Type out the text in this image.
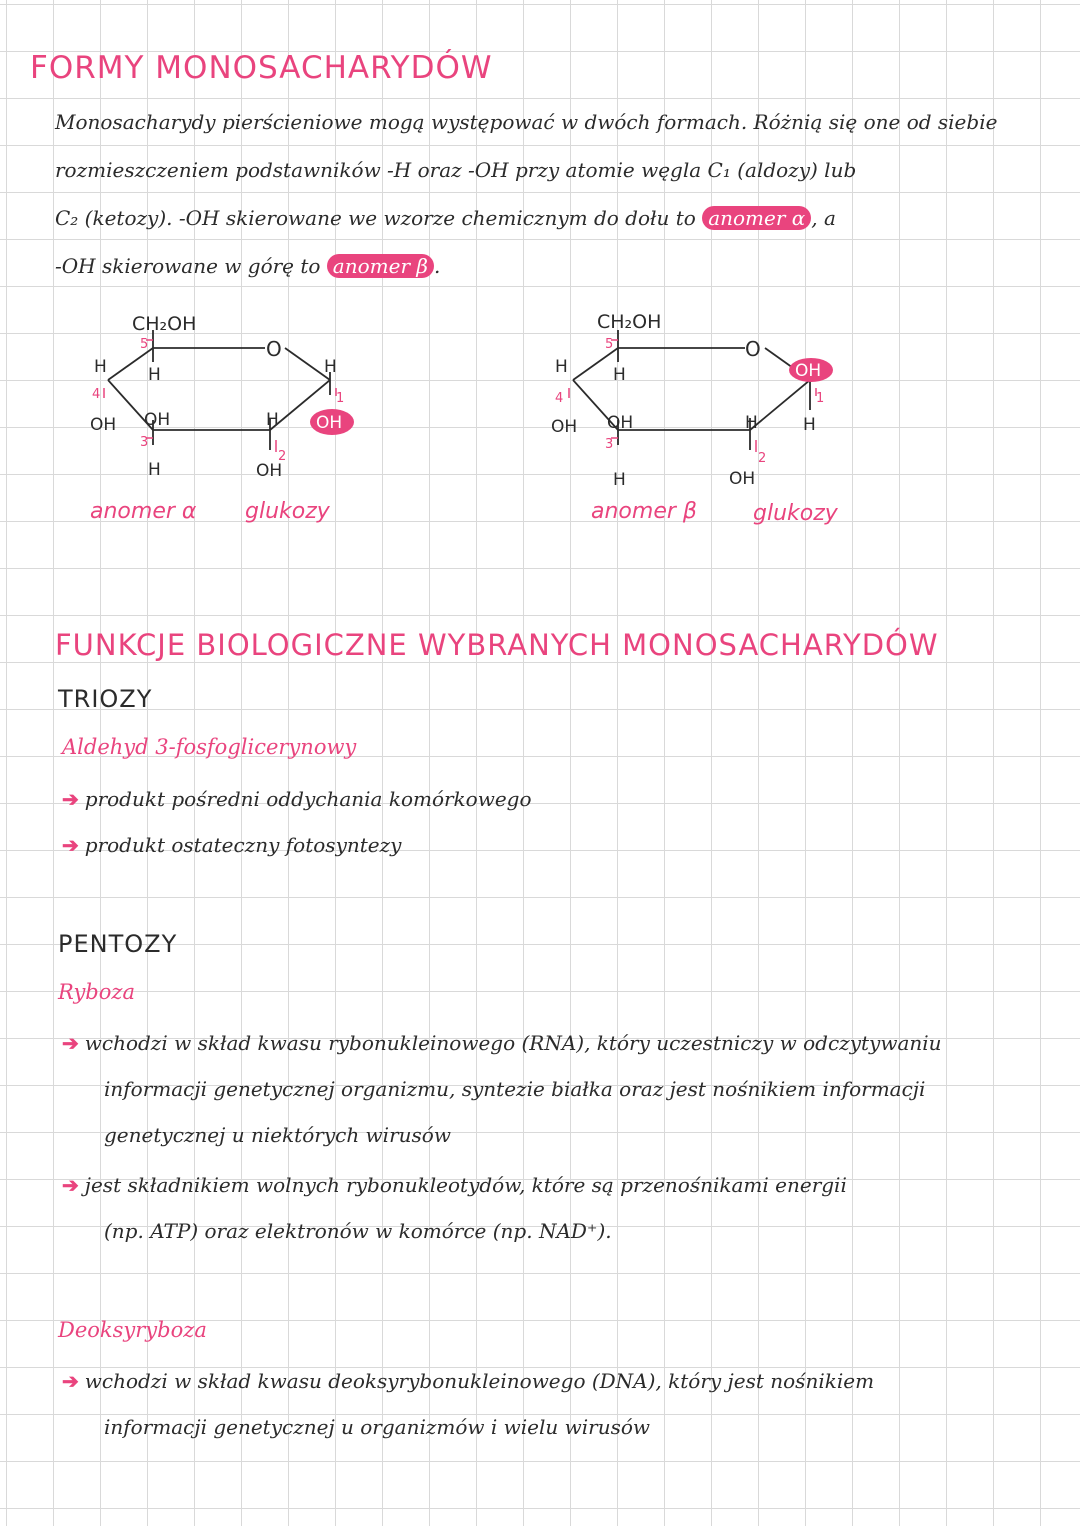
FORMY MONOSACHARYDÓW
Monosacharydy pierścieniowe mogą występować w dwóch formach. Różnią się one od siebie
rozmieszczeniem podstawników -H oraz -OH przy atomie węgla C₁ (aldozy) lub
C₂ (ketozy). -OH skierowane we wzorze chemicznym do dołu to anomer α , a
-OH skierowane w górę to anomer β .
CH₂OH
O
5
4
3
2
1
H
OH
H
OH
H
H
OH
H
OH
anomer α glukozy
CH₂OH
O
5
4
3
2
1
H
OH
H
OH
H
H
OH
OH
H
anomer β	glukozy
FUNKCJE BIOLOGICZNE WYBRANYCH MONOSACHARYDÓW
TRIOZY
Aldehyd 3-fosfoglicerynowy
➔ produkt pośredni oddychania komórkowego
➔ produkt ostateczny fotosyntezy
PENTOZY
Ryboza
➔ wchodzi w skład kwasu rybonukleinowego (RNA), który uczestniczy w odczytywaniu
informacji genetycznej organizmu, syntezie białka oraz jest nośnikiem informacji
genetycznej u niektórych wirusów
➔ jest składnikiem wolnych rybonukleotydów, które są przenośnikami energii
(np. ATP) oraz elektronów w komórce (np. NAD⁺).
Deoksyryboza
➔ wchodzi w skład kwasu deoksyrybonukleinowego (DNA), który jest nośnikiem
informacji genetycznej u organizmów i wielu wirusów
